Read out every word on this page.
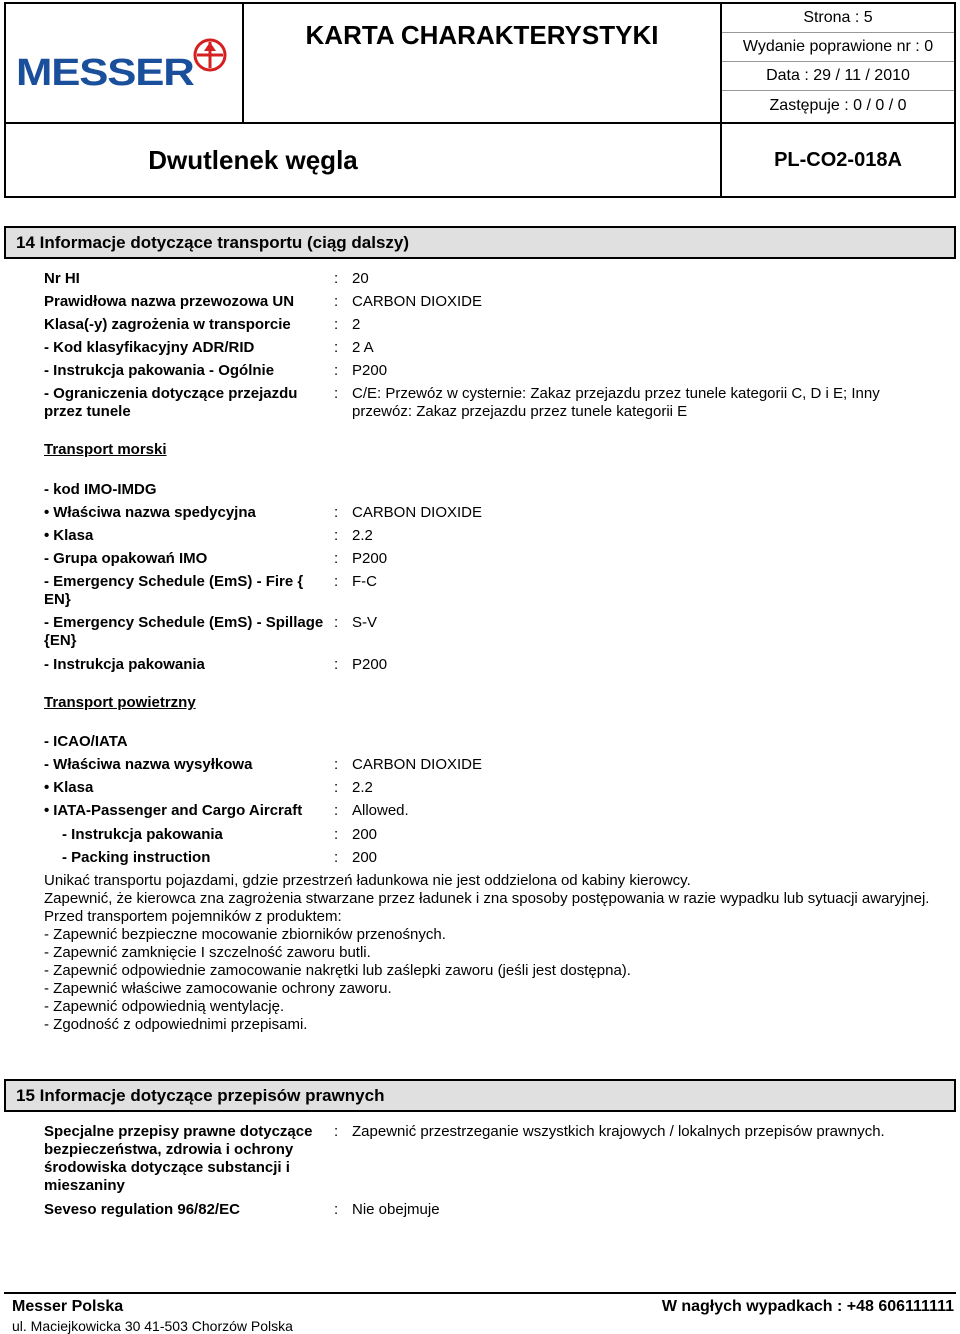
MESSER
KARTA CHARAKTERYSTYKI
Strona : 5
Wydanie poprawione nr : 0
Data : 29 / 11 / 2010
Zastępuje : 0 / 0 / 0
Dwutlenek węgla	PL-CO2-018A
14 Informacje dotyczące transportu (ciąg dalszy)
Nr HI	: 20
Prawidłowa nazwa przewozowa UN	: CARBON DIOXIDE
Klasa(-y) zagrożenia w transporcie	: 2
- Kod klasyfikacyjny ADR/RID	: 2 A
- Instrukcja pakowania - Ogólnie	: P200
- Ograniczenia dotyczące przejazdu przez tunele
: C/E: Przewóz w cysternie: Zakaz przejazdu przez tunele kategorii C, D i E; Inny przewóz: Zakaz przejazdu przez tunele kategorii E
Transport morski
- kod IMO-IMDG
• Właściwa nazwa spedycyjna	: CARBON DIOXIDE
• Klasa	: 2.2
- Grupa opakowań IMO	: P200
- Emergency Schedule (EmS) - Fire { EN}
: F-C
- Emergency Schedule (EmS) - Spillage {EN}
: S-V
- Instrukcja pakowania	: P200
Transport powietrzny
- ICAO/IATA
- Właściwa nazwa wysyłkowa	: CARBON DIOXIDE
• Klasa	: 2.2
• IATA-Passenger and Cargo Aircraft	: Allowed.
- Instrukcja pakowania	: 200
- Packing instruction	: 200
Unikać transportu pojazdami, gdzie przestrzeń ładunkowa nie jest oddzielona od kabiny kierowcy.
Zapewnić, że kierowca zna zagrożenia stwarzane przez ładunek i zna sposoby postępowania w razie wypadku lub sytuacji awaryjnej.
Przed transportem pojemników z produktem:
- Zapewnić bezpieczne mocowanie zbiorników przenośnych.
- Zapewnić zamknięcie I szczelność zaworu butli.
- Zapewnić odpowiednie zamocowanie nakrętki lub zaślepki zaworu (jeśli jest dostępna).
- Zapewnić właściwe zamocowanie ochrony zaworu.
- Zapewnić odpowiednią wentylację.
- Zgodność z odpowiednimi przepisami.
15 Informacje dotyczące przepisów prawnych
Specjalne przepisy prawne dotyczące bezpieczeństwa, zdrowia i ochrony środowiska dotyczące substancji i mieszaniny
: Zapewnić przestrzeganie wszystkich krajowych / lokalnych przepisów prawnych.
Seveso regulation 96/82/EC	: Nie obejmuje
Messer Polska
ul. Maciejkowicka 30 41-503 Chorzów Polska
W nagłych wypadkach : +48 606111111
